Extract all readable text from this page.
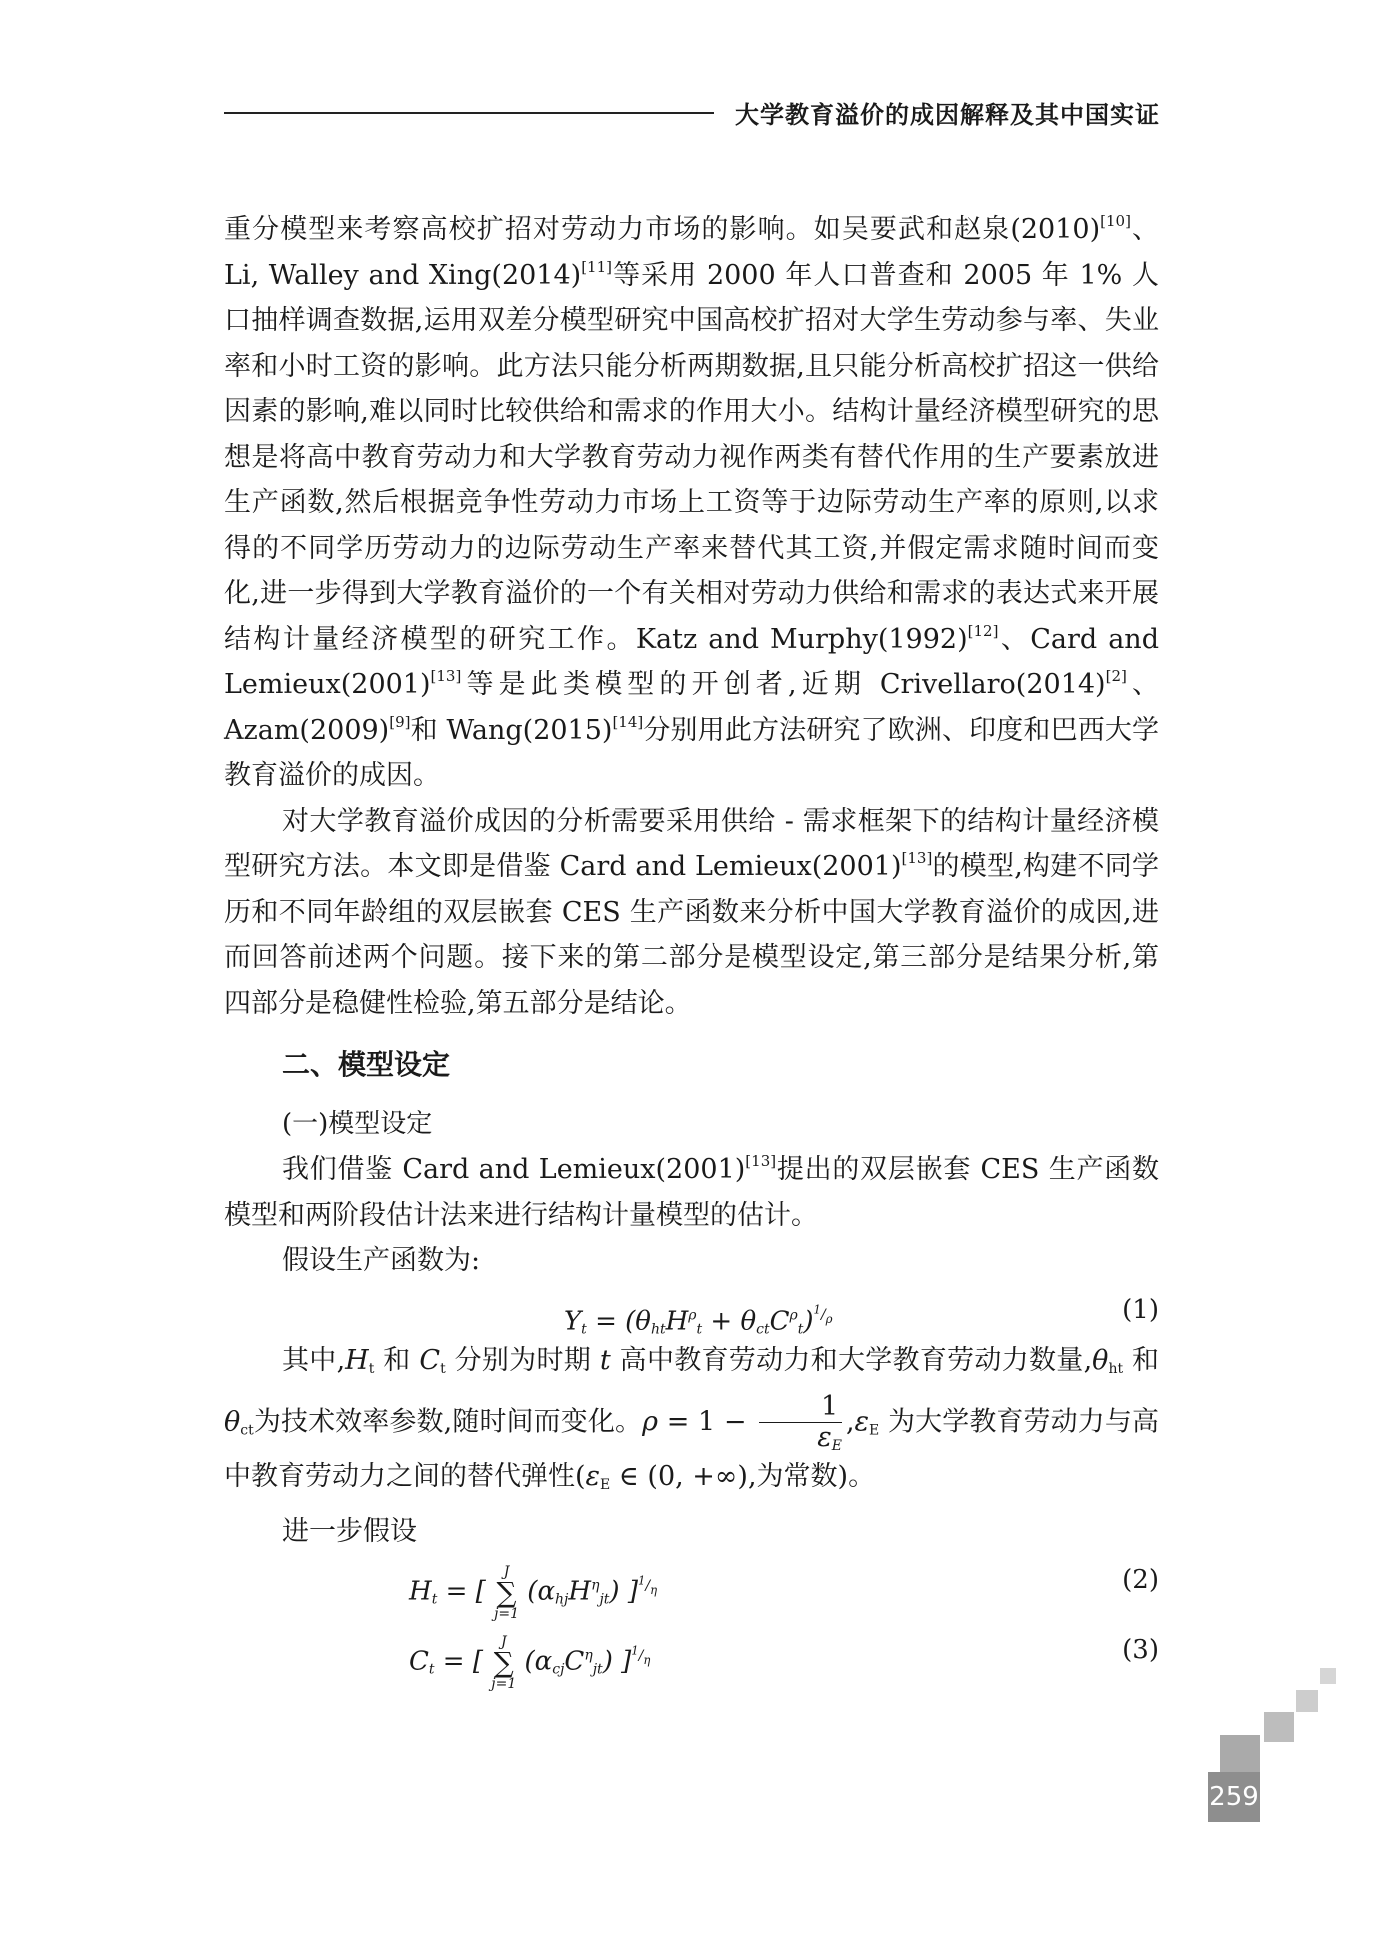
大学教育溢价的成因解释及其中国实证

重分模型来考察高校扩招对劳动力市场的影响。如吴要武和赵泉(2010)[10]、Li, Walley and Xing(2014)[11]等采用 2000 年人口普查和 2005 年 1% 人口抽样调查数据,运用双差分模型研究中国高校扩招对大学生劳动参与率、失业率和小时工资的影响。此方法只能分析两期数据,且只能分析高校扩招这一供给因素的影响,难以同时比较供给和需求的作用大小。结构计量经济模型研究的思想是将高中教育劳动力和大学教育劳动力视作两类有替代作用的生产要素放进生产函数,然后根据竞争性劳动力市场上工资等于边际劳动生产率的原则,以求得的不同学历劳动力的边际劳动生产率来替代其工资,并假定需求随时间而变化,进一步得到大学教育溢价的一个有关相对劳动力供给和需求的表达式来开展结构计量经济模型的研究工作。Katz and Murphy(1992)[12]、Card and Lemieux(2001)[13]等是此类模型的开创者,近期 Crivellaro(2014)[2]、Azam(2009)[9]和 Wang(2015)[14]分别用此方法研究了欧洲、印度和巴西大学教育溢价的成因。

对大学教育溢价成因的分析需要采用供给 - 需求框架下的结构计量经济模型研究方法。本文即是借鉴 Card and Lemieux(2001)[13]的模型,构建不同学历和不同年龄组的双层嵌套 CES 生产函数来分析中国大学教育溢价的成因,进而回答前述两个问题。接下来的第二部分是模型设定,第三部分是结果分析,第四部分是稳健性检验,第五部分是结论。

二、模型设定

(一)模型设定

我们借鉴 Card and Lemieux(2001)[13]提出的双层嵌套 CES 生产函数模型和两阶段估计法来进行结构计量模型的估计。

假设生产函数为:

$Yt = (\theta htH^\rho t + \theta ctC^\rho t)^{^1/_\rho}$	( 1 )

其中,Ht 和 Ct 分别为时期 t 高中教育劳动力和大学教育劳动力数量,θht 和 θct为技术效率参数,随时间而变化。$\rho = 1 - \frac{1}{\varepsilon E} ,\varepsilon E$ 为大学教育劳动力与高中教育劳动力之间的替代弹性(εE ∈ (0, +∞),为常数)。

进一步假设

Ht = [
J
∑
j=1
(αhjH$^\eta$jt) ]$^{^1/_\eta}$	( 2 )
Ct = [
J
∑
j=1
(αcjC$^\eta$jt) ]$^{^1/_\eta}$	( 3 )
259
